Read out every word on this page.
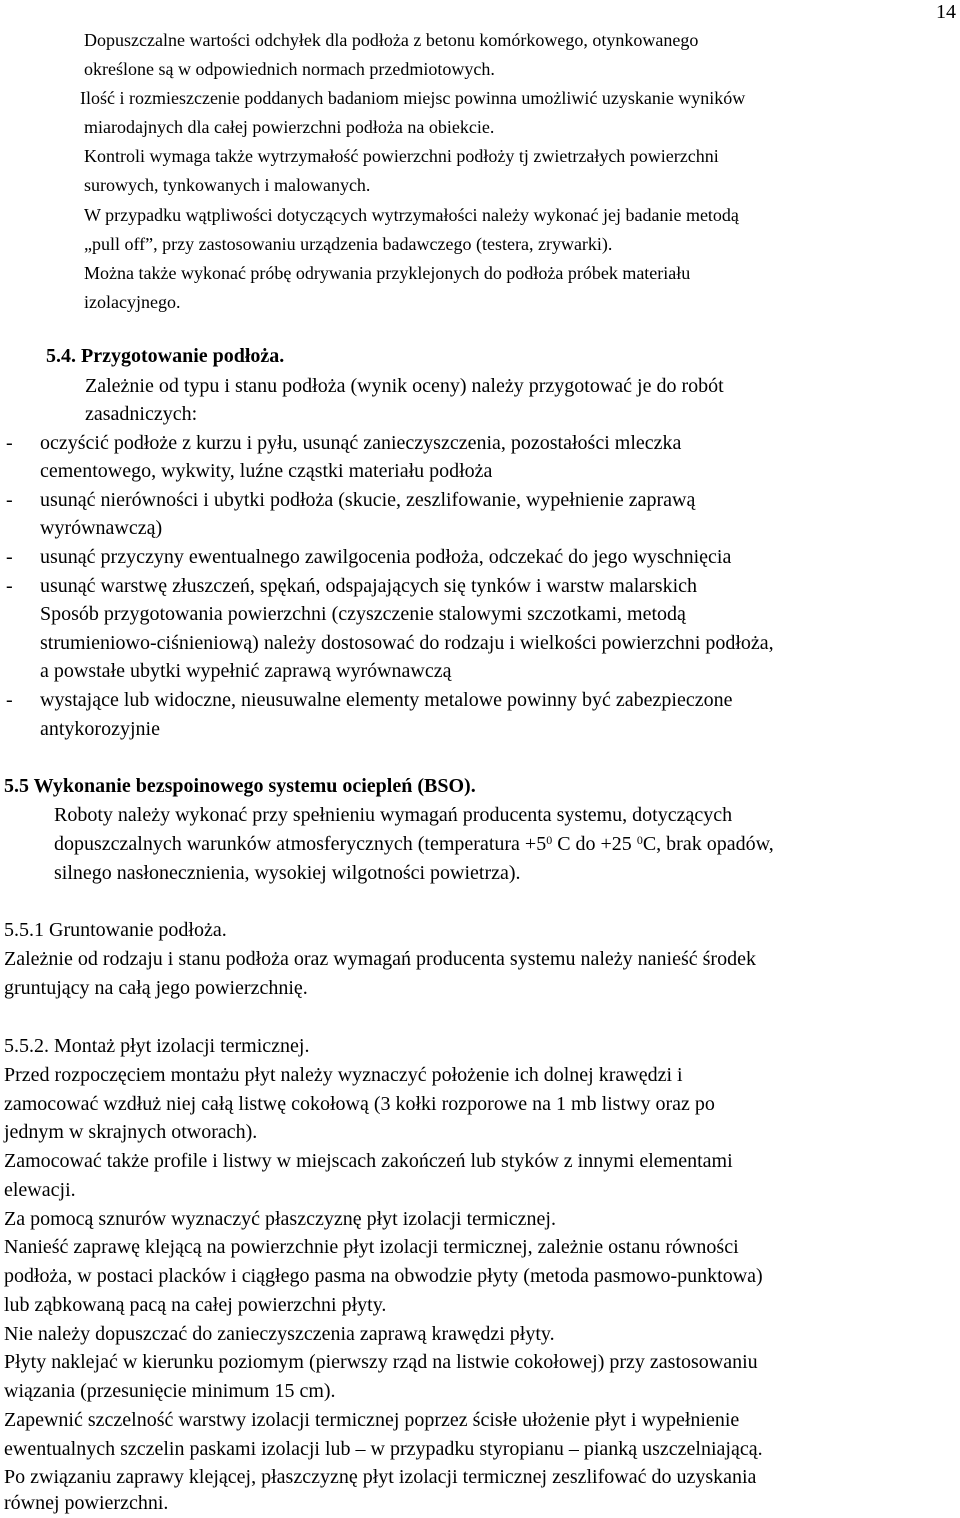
14
Dopuszczalne wartości odchyłek dla podłoża z betonu komórkowego, otynkowanego
określone są w odpowiednich normach przedmiotowych.
Ilość i rozmieszczenie poddanych badaniom miejsc powinna umożliwić uzyskanie wyników
miarodajnych dla całej powierzchni podłoża na obiekcie.
Kontroli wymaga także wytrzymałość powierzchni podłoży tj zwietrzałych powierzchni
surowych, tynkowanych i malowanych.
W przypadku wątpliwości dotyczących wytrzymałości należy wykonać jej badanie metodą
„pull off”, przy zastosowaniu urządzenia badawczego (testera, zrywarki).
Można także wykonać próbę odrywania przyklejonych do podłoża próbek materiału
izolacyjnego.
5.4. Przygotowanie podłoża.
Zależnie od typu i stanu podłoża (wynik oceny) należy przygotować je do robót
zasadniczych:
- oczyścić podłoże z kurzu i pyłu, usunąć zanieczyszczenia, pozostałości mleczka
cementowego, wykwity, luźne cząstki materiału podłoża
- usunąć nierówności i ubytki podłoża (skucie, zeszlifowanie, wypełnienie zaprawą
wyrównawczą)
- usunąć przyczyny ewentualnego zawilgocenia podłoża, odczekać do jego wyschnięcia
- usunąć warstwę złuszczeń, spękań, odspajających się tynków i warstw malarskich
Sposób przygotowania powierzchni (czyszczenie stalowymi szczotkami, metodą
strumieniowo-ciśnieniową) należy dostosować do rodzaju i wielkości powierzchni podłoża,
a powstałe ubytki wypełnić zaprawą wyrównawczą
- wystające lub widoczne, nieusuwalne elementy metalowe powinny być zabezpieczone
antykorozyjnie
5.5 Wykonanie bezspoinowego systemu ociepleń (BSO).
Roboty należy wykonać przy spełnieniu wymagań producenta systemu, dotyczących
dopuszczalnych warunków atmosferycznych (temperatura $+5^0$ C do +25 $^0$C, brak opadów,
silnego nasłonecznienia, wysokiej wilgotności powietrza).
5.5.1 Gruntowanie podłoża.
Zależnie od rodzaju i stanu podłoża oraz wymagań producenta systemu należy nanieść środek
gruntujący na całą jego powierzchnię.
5.5.2. Montaż płyt izolacji termicznej.
Przed rozpoczęciem montażu płyt należy wyznaczyć położenie ich dolnej krawędzi i
zamocować wzdłuż niej całą listwę cokołową (3 kołki rozporowe na 1 mb listwy oraz po
jednym w skrajnych otworach).
Zamocować także profile i listwy w miejscach zakończeń lub styków z innymi elementami
elewacji.
Za pomocą sznurów wyznaczyć płaszczyznę płyt izolacji termicznej.
Nanieść zaprawę klejącą na powierzchnie płyt izolacji termicznej, zależnie ostanu równości
podłoża, w postaci placków i ciągłego pasma na obwodzie płyty (metoda pasmowo-punktowa)
lub ząbkowaną pacą na całej powierzchni płyty.
Nie należy dopuszczać do zanieczyszczenia zaprawą krawędzi płyty.
Płyty naklejać w kierunku poziomym (pierwszy rząd na listwie cokołowej) przy zastosowaniu
wiązania (przesunięcie minimum 15 cm).
Zapewnić szczelność warstwy izolacji termicznej poprzez ścisłe ułożenie płyt i wypełnienie
ewentualnych szczelin paskami izolacji lub – w przypadku styropianu – pianką uszczelniającą.
Po związaniu zaprawy klejącej, płaszczyznę płyt izolacji termicznej zeszlifować do uzyskania
równej powierzchni.
